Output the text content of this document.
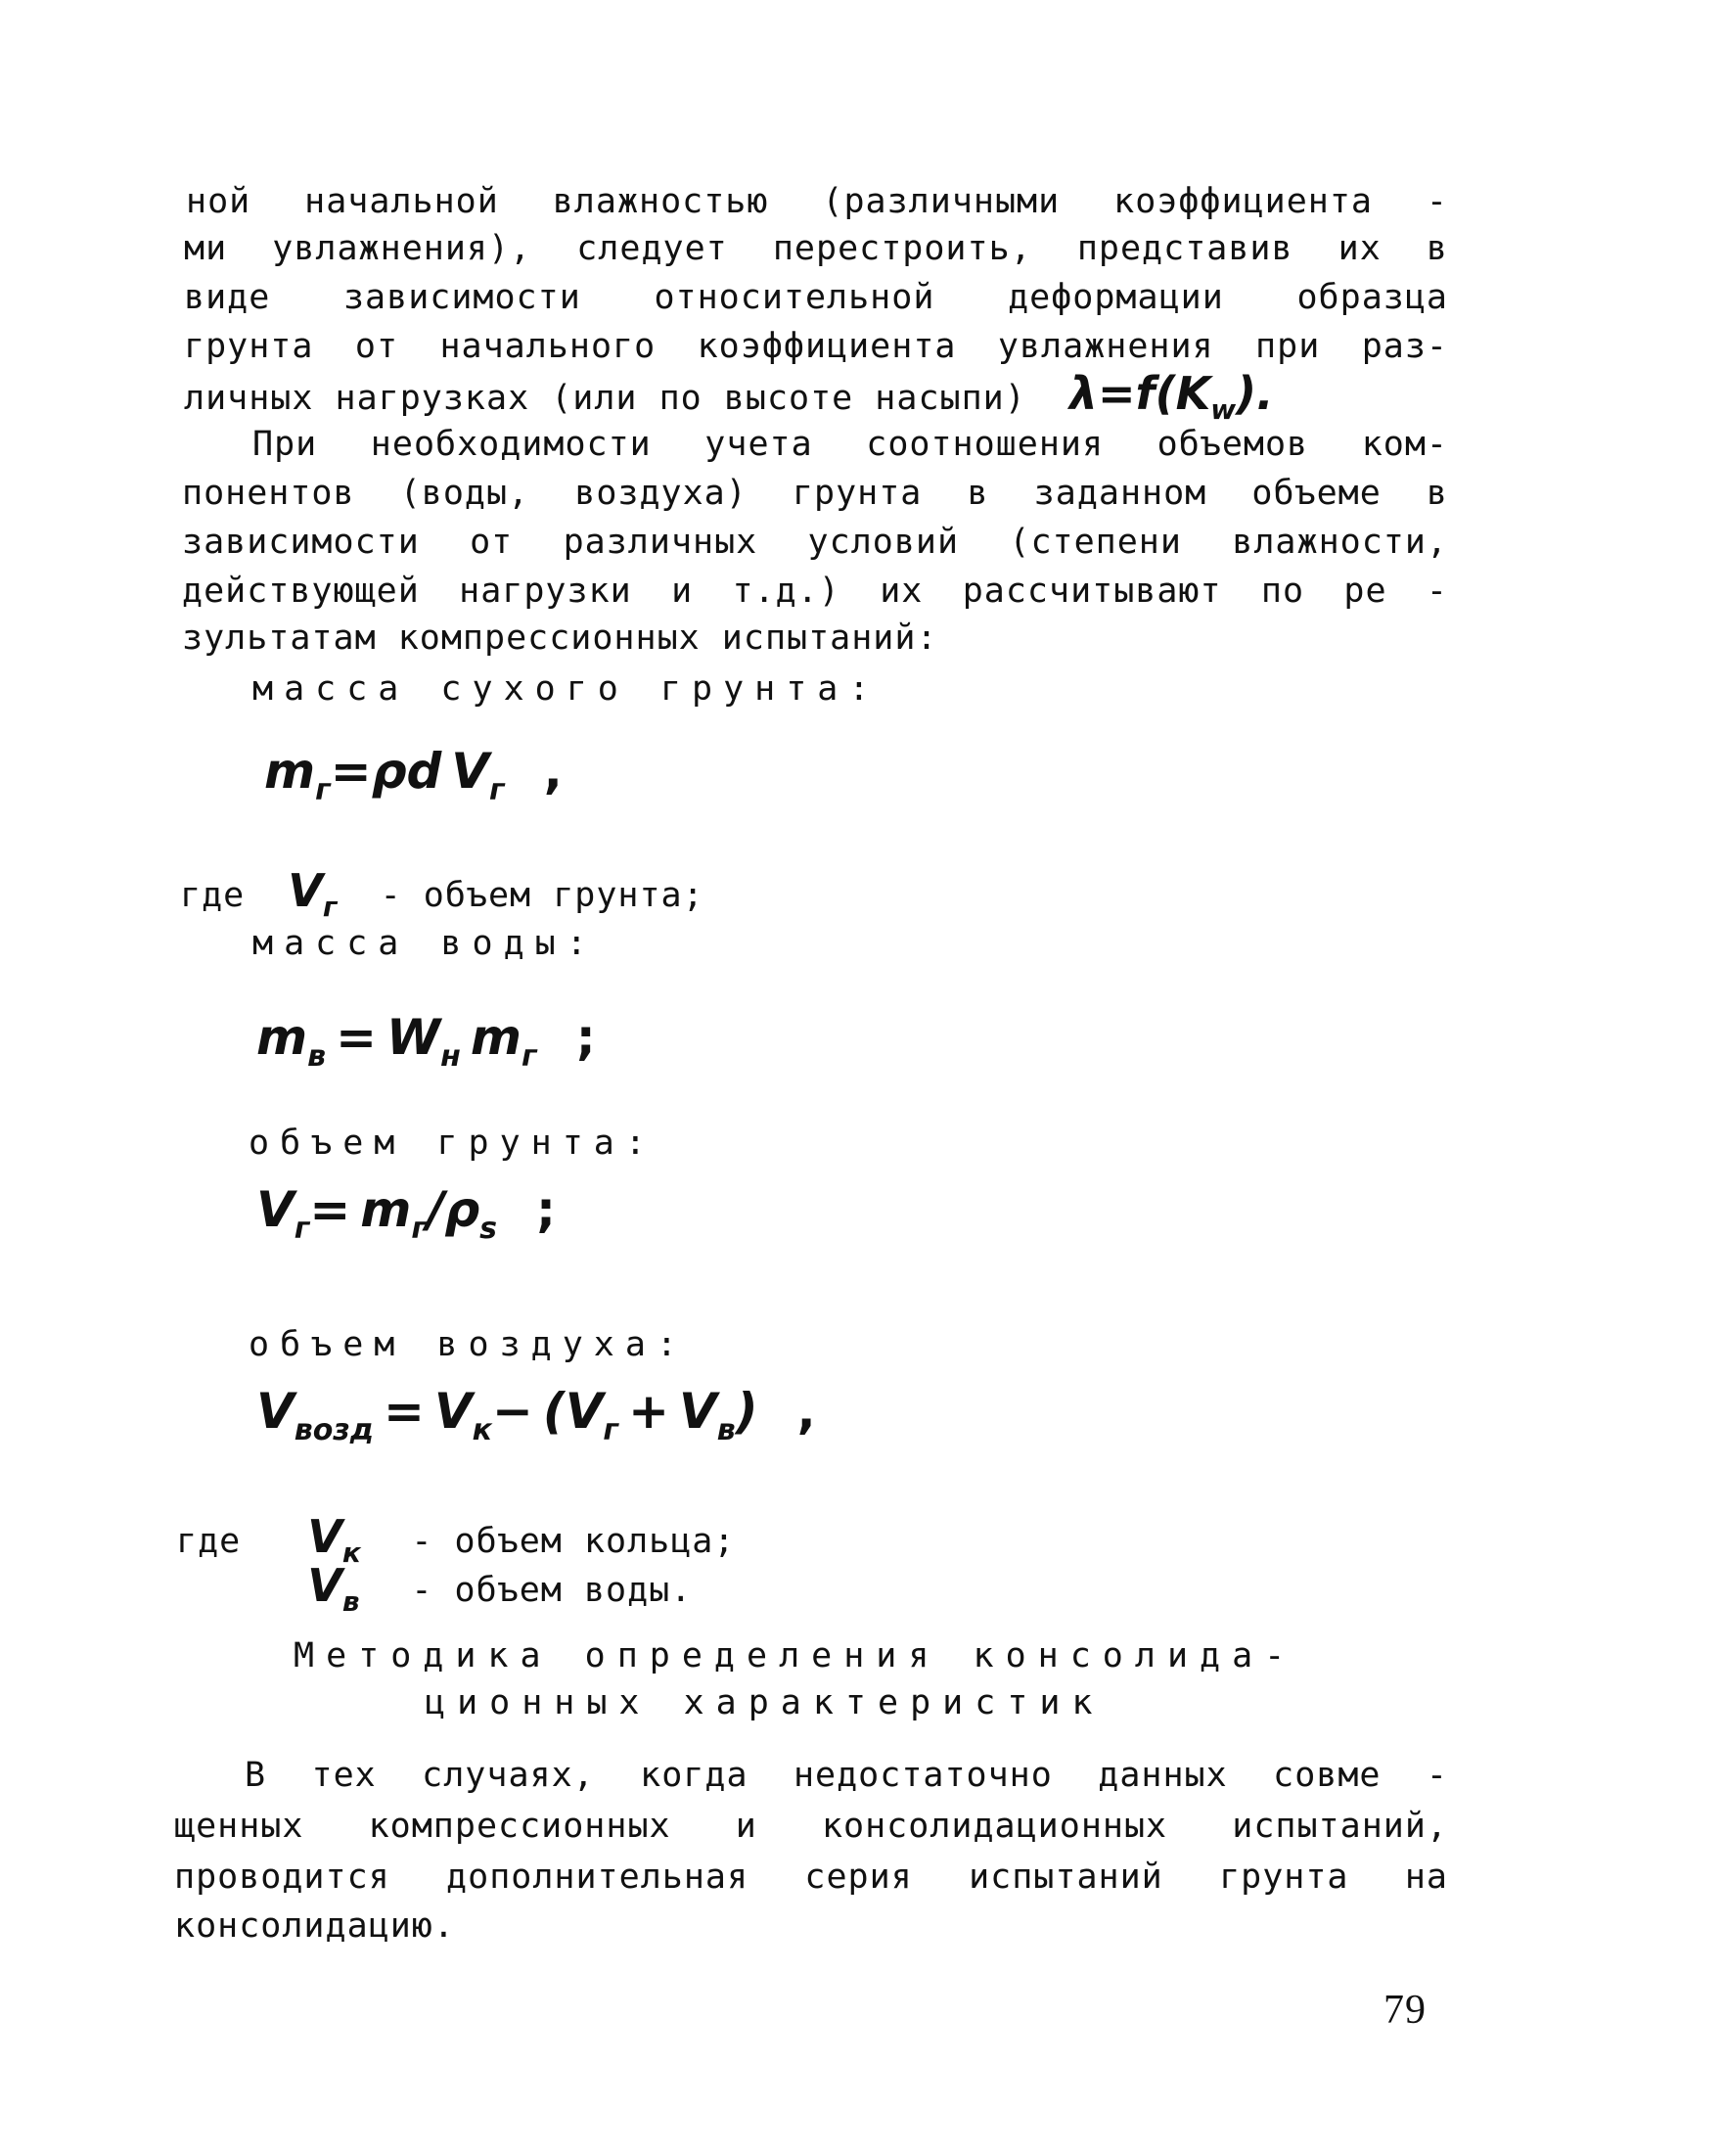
ной начальной влажностью (различными коэффициента -
ми увлажнения), следует перестроить, представив их в
виде зависимости относительной деформации образца
грунта от начального коэффициента увлажнения при раз-
личных нагрузках (или по высоте насыпи) $\lambda=f(K_w)$.
При необходимости учета соотношения объемов ком-
понентов (воды, воздуха) грунта в заданном объеме в
зависимости от различных условий (степени влажности,
действующей нагрузки и т.д.) их рассчитывают по ре -
зультатам компрессионных испытаний:
масса сухого грунта:
$m_г=\rho d$  $V_г$ ,
где $V_г$ - объем грунта;
масса воды:
$m_в = W_н$  $m_г$ ;
объем грунта:
$V_г= m_г/\rho_s$ ;
объем воздуха:
$V_{возд} = V_к- (V_г + V_в)$ ,
где $V_к$ - объем кольца;
$V_в$ - объем воды.
Методика определения консолида-
ционных характеристик
В тех случаях, когда недостаточно данных совме -
щенных компрессионных и консолидационных испытаний,
проводится дополнительная серия испытаний грунта на
консолидацию.
79
